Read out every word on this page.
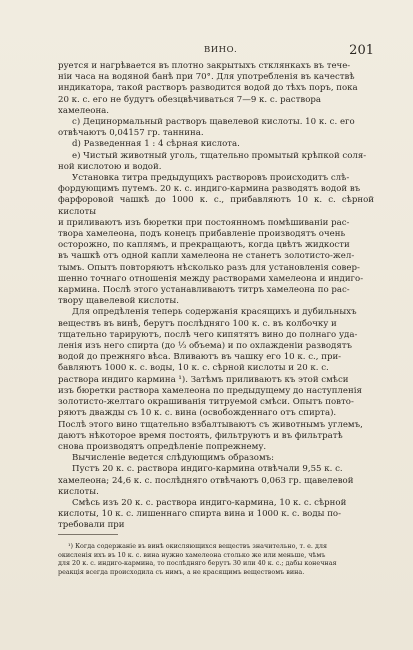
ВИНО.	201

руется и нагрѣвается въ плотно закрытыхъ стклянкахъ въ тече-
ніи часа на водяной банѣ при 70°. Для употребленія въ качествѣ
индикатора, такой растворъ разводится водой до тѣхъ поръ, пока
20 к. с. его не будутъ обезцвѣчиваться 7—9 к. с. раствора
хамелеона.

c) Децинормальный растворъ щавелевой кислоты. 10 к. с. его
отвѣчаютъ 0,04157 гр. таннина.

d) Разведенная 1 : 4 сѣрная кислота.

e) Чистый животный уголь, тщательно промытый крѣпкой соля-
ной кислотою и водой.

Установка титра предыдущихъ растворовъ происходитъ слѣ-
фордующимъ путемъ. 20 к. с. индиго-кармина разводятъ водой въ
фарфоровой чашкѣ до 1000 к. с., прибавляютъ 10 к. с. сѣрной кислоты
и приливаютъ изъ бюретки при постоянномъ помѣшиваніи рас-
твора хамелеона, подъ конецъ прибавленіе производятъ очень
осторожно, по каплямъ, и прекращаютъ, когда цвѣтъ жидкости
въ чашкѣ отъ одной капли хамелеона не станетъ золотисто-жел-
тымъ. Опытъ повторяютъ нѣсколько разъ для установленія совер-
шенно точнаго отношенія между растворами хамелеона и индиго-
кармина. Послѣ этого устанавливаютъ титръ хамелеона по рас-
твору щавелевой кислоты.

Для опредѣленія теперь содержанія красящихъ и дубильныхъ
веществъ въ винѣ, берутъ послѣдняго 100 к. с. въ колбочку и
тщательно тарируютъ, послѣ чего кипятятъ вино до полнаго уда-
ленія изъ него спирта (до ⅓ объема) и по охлажденіи разводятъ
водой до прежняго вѣса. Вливаютъ въ чашку его 10 к. с., при-
бавляютъ 1000 к. с. воды, 10 к. с. сѣрной кислоты и 20 к. с.
раствора индиго кармина ¹). Затѣмъ приливаютъ къ этой смѣси
изъ бюретки раствора хамелеона по предыдущему до наступленія
золотисто-желтаго окрашиванія титруемой смѣси. Опытъ повто-
ряютъ дважды съ 10 к. с. вина (освобожденнаго отъ спирта).
Послѣ этого вино тщательно взбалтываютъ съ животнымъ углемъ,
даютъ нѣкоторое время постоять, фильтруютъ и въ фильтратѣ
снова производятъ опредѣленіе попрежнему.

Вычисленіе ведется слѣдующимъ образомъ:

Пустъ 20 к. с. раствора индиго-кармина отвѣчали 9,55 к. с.
хамелеона; 24,6 к. с. послѣдняго отвѣчаютъ 0,063 гр. щавелевой
кислоты.

Смѣсь изъ 20 к. с. раствора индиго-кармина, 10 к. с. сѣрной
кислоты, 10 к. с. лишеннаго спирта вина и 1000 к. с. воды по-
требовали при

¹) Когда содержаніе въ винѣ окисляющихся веществъ значительно, т. е. для
окисленія ихъ въ 10 к. с. вина нужно хамелеона столько же или меньше, чѣмъ
для 20 к. с. индиго-кармина, то послѣдняго берутъ 30 или 40 к. с.; дабы конечная
реакція всегда происходила съ нимъ, а не красящимъ веществомъ вина.
